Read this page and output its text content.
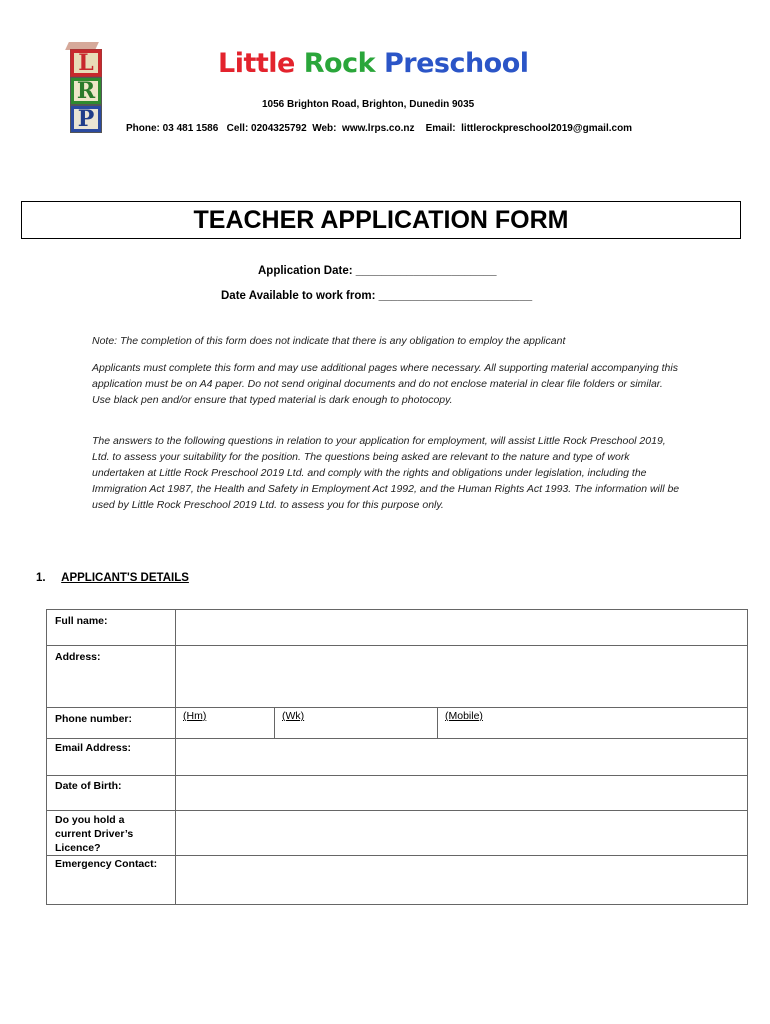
L
R
P
Little Rock Preschool
1056 Brighton Road, Brighton, Dunedin 9035
Phone: 03 481 1586   Cell: 0204325792  Web:  www.lrps.co.nz    Email:  littlerockpreschool2019@gmail.com
TEACHER APPLICATION FORM
Application Date: ______________________
Date Available to work from: ________________________
Note: The completion of this form does not indicate that there is any obligation to employ the applicant
Applicants must complete this form and may use additional pages where necessary. All supporting material accompanying this application must be on A4 paper. Do not send original documents and do not enclose material in clear file folders or similar. Use black pen and/or ensure that typed material is dark enough to photocopy.
The answers to the following questions in relation to your application for employment, will assist Little Rock Preschool 2019, Ltd. to assess your suitability for the position. The questions being asked are relevant to the nature and type of work undertaken at Little Rock Preschool 2019 Ltd. and comply with the rights and obligations under legislation, including the Immigration Act 1987, the Health and Safety in Employment Act 1992, and the Human Rights Act 1993. The information will be used by Little Rock Preschool 2019 Ltd. to assess you for this purpose only.
1. APPLICANT'S DETAILS
Full name:
Address:
Phone number:	(Hm)	(Wk)	(Mobile)
Email Address:
Date of Birth:
Do you hold a current Driver’s Licence?
Emergency Contact:
